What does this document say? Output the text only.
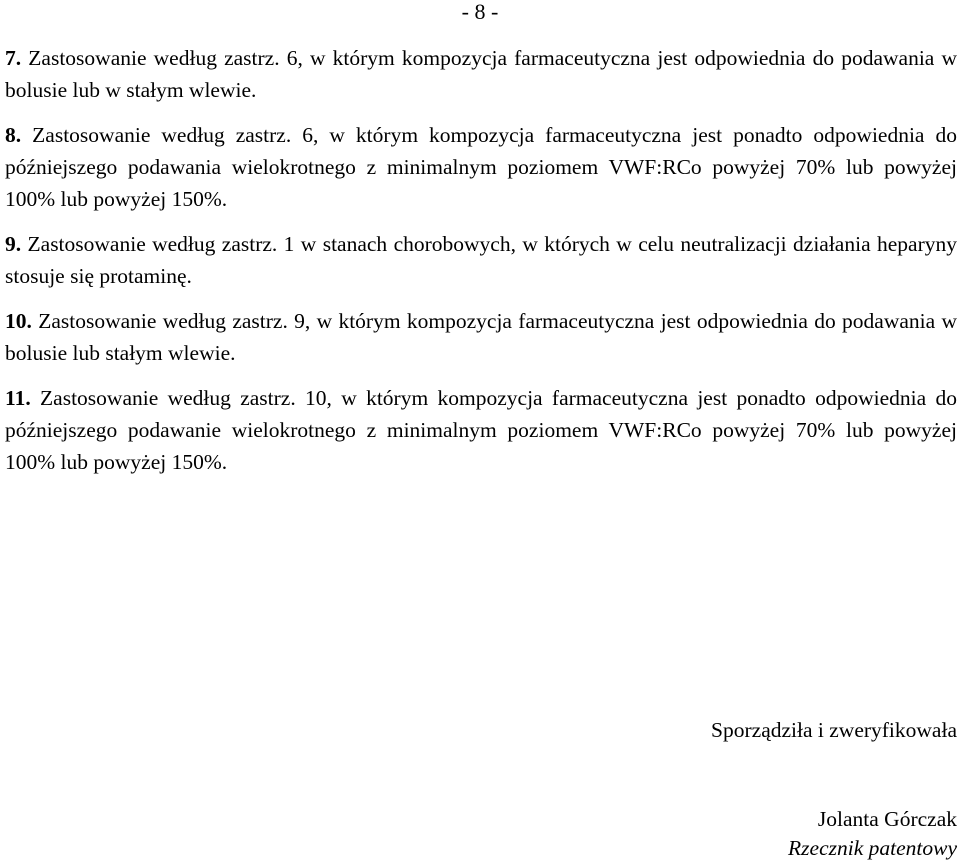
- 8 -

7. Zastosowanie według zastrz. 6, w którym kompozycja farmaceutyczna jest odpowiednia do podawania w bolusie lub w stałym wlewie.

8. Zastosowanie według zastrz. 6, w którym kompozycja farmaceutyczna jest ponadto odpowiednia do późniejszego podawania wielokrotnego z minimalnym poziomem VWF:RCo powyżej 70% lub powyżej 100% lub powyżej 150%.

9. Zastosowanie według zastrz. 1 w stanach chorobowych, w których w celu neutralizacji działania heparyny stosuje się protaminę.

10. Zastosowanie według zastrz. 9, w którym kompozycja farmaceutyczna jest odpowiednia do podawania w bolusie lub stałym wlewie.

11. Zastosowanie według zastrz. 10, w którym kompozycja farmaceutyczna jest ponadto odpowiednia do późniejszego podawanie wielokrotnego z minimalnym poziomem VWF:RCo powyżej 70% lub powyżej 100% lub powyżej 150%.

Sporządziła i zweryfikowała
Jolanta Górczak
Rzecznik patentowy
